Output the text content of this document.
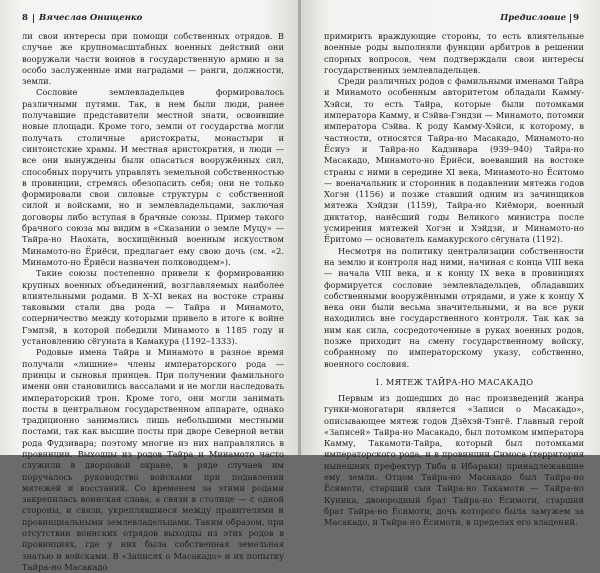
8 Вячеслав Онищенко

ли свои интересы при помощи собственных отрядов. В случае же крупномасштабных военных действий они вооружали части воинов в государственную армию и за особо заслуженные ими наградами — ранги, должности, земли.

Сословие землевладельцев формировалось различными путями. Так, в нем были люди, ранее получавшие представители местной знати, освоившие новые площади. Кроме того, земли от государства могли получать столичные аристократы, монастыри и синтоистские храмы. И местная аристократия, и люди — все они вынуждены были опасаться вооружённых сил, способных поручить управлять земельной собственностью в провинции, стремясь обезопасить себя; они не только формировали свои силовые структуры с собственной силой и войсками, но и землевладельцами, заключая договоры либо вступая в брачные союзы. Пример такого брачного союза мы видим в «Сказании о земле Муцу» — Тайра-но Наохата, восхищённый военным искусством Минамото-но Ёриёси, предлагает ему свою дочь (см. «2. Минамото-но Ёриёси назначен полководцем»).

Такие союзы постепенно привели к формированию крупных военных объединений, возглавляемых наиболее влиятельными родами. В X–XI веках на востоке страны таковыми стали два рода — Тайра и Минамото, соперничество между которыми привело в итоге к войне Гэмпэй, в которой победили Минамото в 1185 году и установлению сёгуната в Камакура (1192–1333).

Родовые имена Тайра и Минамото в разное время получали «лишние» члены императорского рода — принцы и сыновья принцев. При получении фамильного имени они становились вассалами и не могли наследовать императорский трон. Кроме того, они могли занимать посты в центральном государственном аппарате, однако традиционно занимались лишь небольшими местными постами, так как высшие посты при дворе Северной ветви рода Фудзивара; поэтому многие из них направлялись в провинции. Выходцы из родов Тайра и Минамото часто служили в дворцовой охране, в ряде случаев им поручалось руководство войсками при подавлении мятежей и восстаний. Со временем за этими родами закрепилась воинская слава, а связи в столице — с одной стороны, и связи, укреплявшиеся между правителями и провинциальными землевладельцами. Таким образом, при отсутствии воинских отрядов выходцы из этих родов в провинциях, где у них была собственная земельная знатью и войсками. В «Записях о Масакадо» и их попытку Тайра-но Масакадо

Предисловие 9

примирить враждующие стороны, то есть влиятельные военные роды выполняли функции арбитров в решении спорных вопросов, чем подтверждали свои интересы государственных землевладельцев.

Среди различных родов с фамильными именами Тайра и Минамото особенным авторитетом обладали Камму-Хэйси, то есть Тайра, которые были потомками императора Камму, и Сэйва-Гэндзи — Минамото, потомки императора Сэйва. К роду Камму-Хэйси, к которому, в частности, относятся Тайра-но Масакадо, Минамото-но Ёсиуэ и Тайра-но Кадзивара (939–940) Тайра-но Масакадо, Минамото-но Ёриёси, воевавший на востоке страны с ними в середине XI века, Минамото-но Ёситомо — военачальник и сторонник в подавлении мятежа годов Хогэн (1156) и позже ставший одним из зачинщиков мятежа Хэйдзи (1159), Тайра-но Киёмори, военный диктатор, нанёсший годы Великого министра после усмирения мятежей Хогэн и Хэйдзи, и Минамото-но Ёритомо — основатель камакурского сёгуната (1192).

Несмотря на политику централизации собственности на землю и контроля над ними, начиная с конца VIII века — начала VIII века, и к концу IX века в провинциях формируется сословие землевладельцев, обладавших собственными вооружёнными отрядами, и уже к концу X века они были весьма значительными, и на все руки находились вне государственного контроля. Так как за ним как сила, сосредоточенные в руках военных родов, позже приходит на смену государственному войску, собранному по императорскому указу, собственно, военного сословия.

1. МЯТЕЖ ТАЙРА-НО МАСАКАДО

Первым из дошедших до нас произведений жанра гунки-моногатари является «Записи о Масакадо», описывающее мятеж годов Дзёхэй-Тэнгё. Главный герой «Записей» Тайра-но Масакадо, был потомком императора Камму, Такамоти-Тайра, который был потомками императорского рода, и в провинции Симоса (территория нынешних префектур Тиба и Ибараки) принадлежавшие ему земли. Отцом Тайра-но Масакадо был Тайра-но Ёсимоти, старший сын Тайра-но Такамоти — Тайра-но Куника, двоюродный брат Тайра-но Ёсимоти, старший брат Тайра-но Ёсимоти, дочь которого была замужем за Масакадо, и Тайра-но Ёсимоти, в пределах его владений.
